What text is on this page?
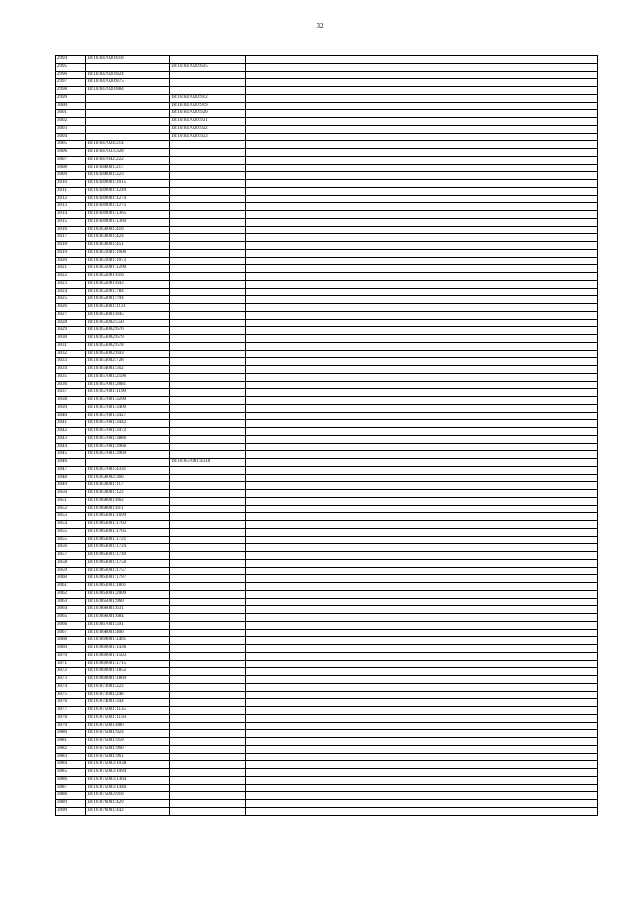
32
2994	18:16:047020:618		
2995		18:16:047020:625	
2996	18:16:047020:824		
2997	18:16:047020:875		
2998	18:16:047020:884		
2999		18:16:047020:912	
3000		18:16:047020:919	
3001		18:16:047020:920	
3002		18:16:047020:921	
3003		18:16:047020:922	
3004		18:16:047020:923	
3005	18:16:047024:214		
3006	18:16:047033:328		
3007	18:16:047042:222		
3008	18:16:048001:217		
3009	18:16:048001:223		
3010	18:16:049001:1015		
3011	18:16:049001:1249		
3012	18:16:049001:1274		
3013	18:16:049001:1275		
3014	18:16:049001:1365		
3015	18:16:049001:1369		
3016	18:16:050001:416		
3017	18:16:050001:424		
3018	18:16:050001:451		
3019	18:16:051001:1006		
3020	18:16:051001:1072		
3021	18:16:051001:1290		
3022	18:16:052001:616		
3023	18:16:052001:643		
3024	18:16:052001:784		
3025	18:16:052001:794		
3026	18:16:053001:1131		
3027	18:16:053001:845		
3028	18:16:053002:550		
3029	18:16:053002:676		
3030	18:16:053002:679		
3031	18:16:053002:678		
3032	18:16:053002:693		
3033	18:16:053002:728		
3034	18:16:054001:562		
3035	18:16:057001:2596		
3036	18:16:057001:2881		
3037	18:16:057001:1190		
3038	18:16:057001:3290		
3039	18:16:057001:3409		
3040	18:16:057001:3427		
3041	18:16:057001:3442		
3042	18:16:057001:3472		
3043	18:16:057001:3886		
3044	18:16:057001:3966		
3045	18:16:057001:3969		
3046		18:16:057001:4318	
3047	18:16:057001:4331		
3048	18:16:058002:366		
3049	18:16:059001:117		
3050	18:16:059001:122		
3051	18:16:060001:862		
3052	18:16:060001:811		
3053	18:16:063001:1699		
3054	18:16:063001:1703		
3055	18:16:063001:1705		
3055	18:16:063001:1721		
3056	18:16:063001:1724		
3057	18:16:063001:1749		
3058	18:16:063001:1750		
3059	18:16:063001:1757		
3060	18:16:063001:1797		
3061	18:16:063001:1801		
3062	18:16:063001:2009		
3063	18:16:065001:960		
3064	18:16:066001:631		
3065	18:16:066001:684		
3066	18:16:067001:591		
3067	18:16:068001:400		
3068	18:16:069001:1401		
3069	18:16:069001:1436		
3070	18:16:069001:1503		
3071	18:16:069001:1715		
3072	18:16:069001:1852		
3073	18:16:069001:1869		
3074	18:16:073001:222		
3075	18:16:073001:248		
3076	18:16:074001:344		
3077	18:16:075001:1135		
3078	18:16:075001:1150		
3079	18:16:075001:880		
3080	18:16:075001:924		
3081	18:16:075001:959		
3082	18:16:075001:960		
3083	18:16:075001:961		
3084	18:16:075003:1038		
3085	18:16:075003:1094		
3086	18:16:075003:1364		
3087	18:16:075003:1440		
3088	18:16:075003:916		
3089	18:16:076001:429		
3090	18:16:076001:442		
